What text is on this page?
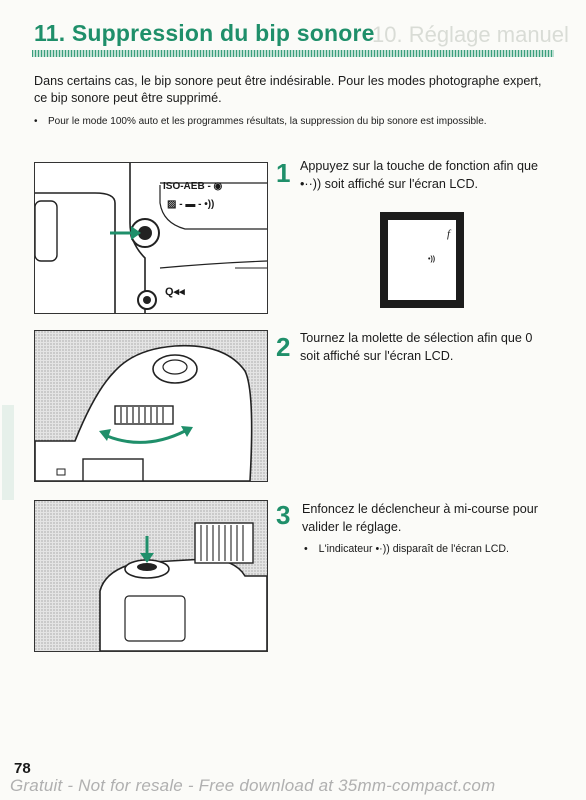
10. Réglage manuel
11. Suppression du bip sonore
Dans certains cas, le bip sonore peut être indésirable. Pour les modes photographe expert, ce bip sonore peut être supprimé.
•	Pour le mode 100% auto et les programmes résultats, la suppression du bip sonore est impossible.
ISO-AEB - ◉
▨ - ▬ - •))
Q◂◂
1 Appuyez sur la touche de fonction afin que •··)) soit affiché sur l'écran LCD.
f
•))
2 Tournez la molette de sélection afin que 0 soit affiché sur l'écran LCD.
3 Enfoncez le déclencheur à mi-course pour valider le réglage.
• L'indicateur •·)) disparaît de l'écran LCD.
78
Gratuit - Not for resale - Free download at 35mm-compact.com
